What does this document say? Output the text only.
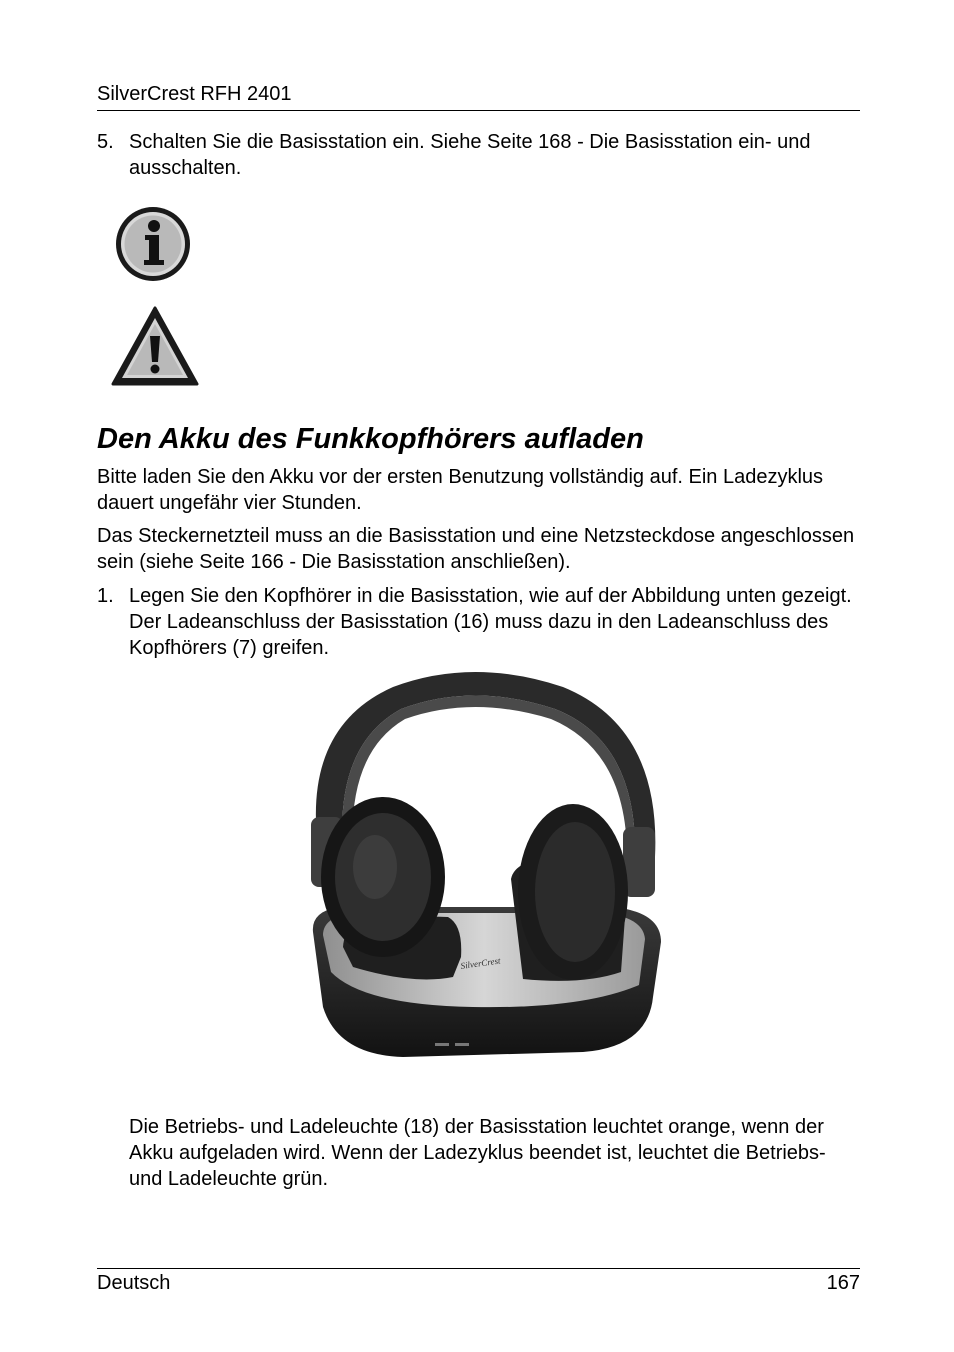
SilverCrest RFH 2401
5. Schalten Sie die Basisstation ein. Siehe Seite 168 - Die Basisstation ein- und ausschalten.
Den Akku des Funkkopfhörers aufladen
Bitte laden Sie den Akku vor der ersten Benutzung vollständig auf. Ein Ladezyklus dauert ungefähr vier Stunden.
Das Steckernetzteil muss an die Basisstation und eine Netzsteckdose angeschlossen sein (siehe Seite 166 - Die Basisstation anschließen).
1. Legen Sie den Kopfhörer in die Basisstation, wie auf der Abbildung unten gezeigt. Der Ladeanschluss der Basisstation (16) muss dazu in den Ladeanschluss des Kopfhörers (7) greifen.
SilverCrest
Die Betriebs- und Ladeleuchte (18) der Basisstation leuchtet orange, wenn der Akku aufgeladen wird. Wenn der Ladezyklus beendet ist, leuchtet die Betriebs- und Ladeleuchte grün.
Deutsch	167
